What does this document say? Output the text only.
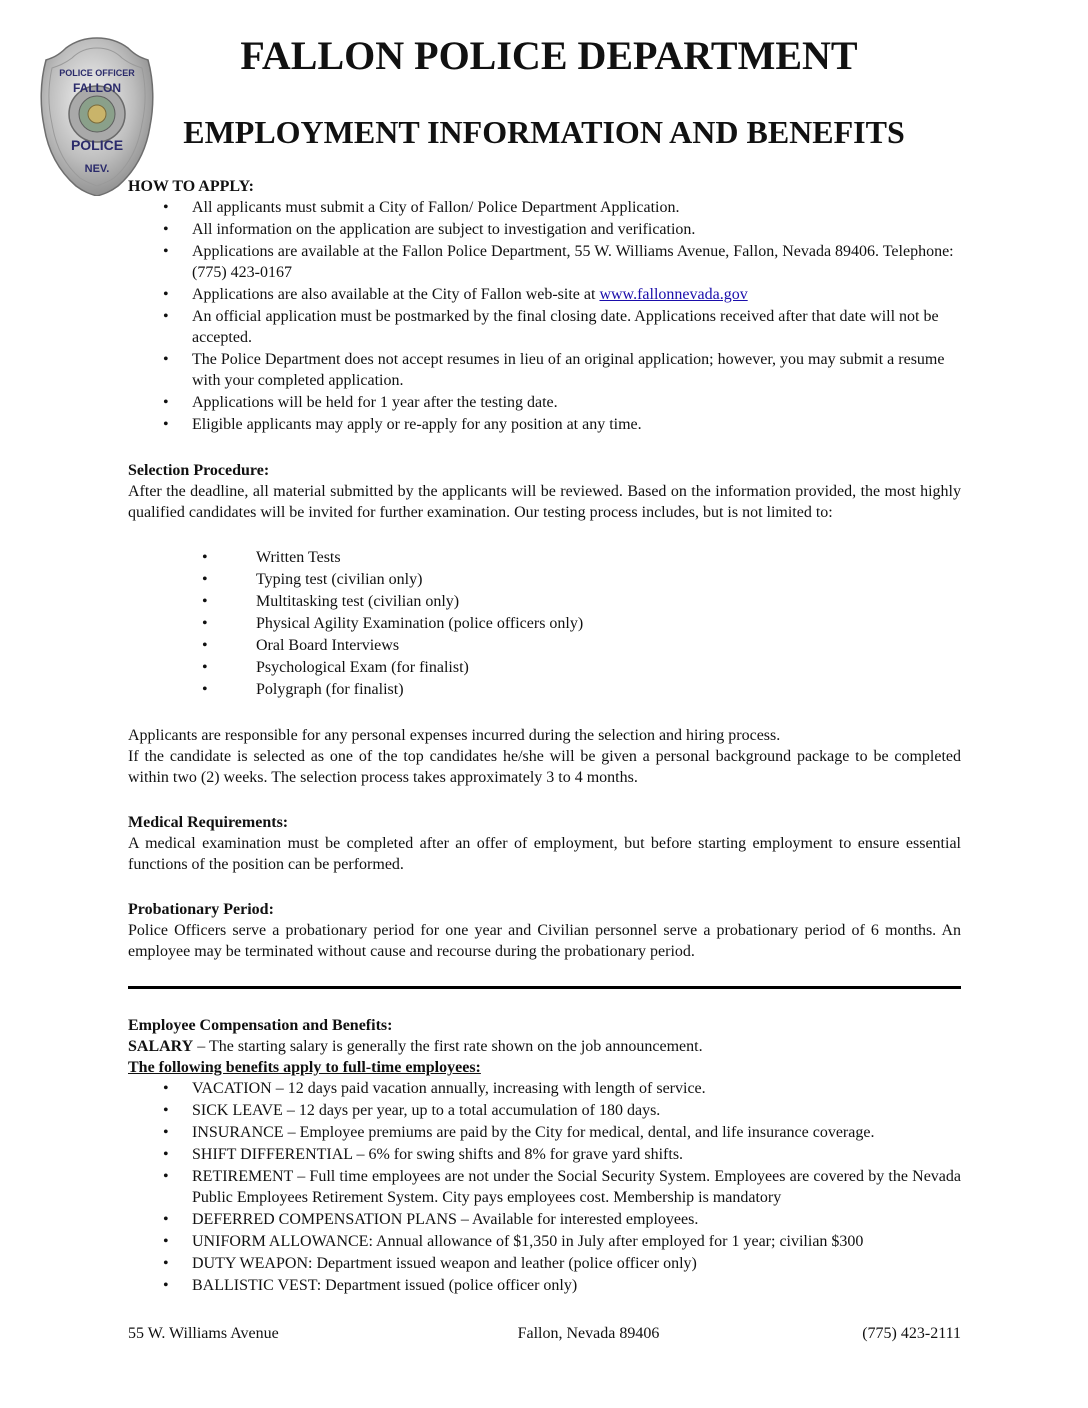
POLICE OFFICER
FALLON
POLICE
NEV.
FALLON POLICE DEPARTMENT
EMPLOYMENT INFORMATION AND BENEFITS

HOW TO APPLY:

• All applicants must submit a City of Fallon/ Police Department Application.
• All information on the application are subject to investigation and verification.
• Applications are available at the Fallon Police Department, 55 W. Williams Avenue, Fallon, Nevada 89406. Telephone: (775) 423-0167
• Applications are also available at the City of Fallon web-site at www.fallonnevada.gov
• An official application must be postmarked by the final closing date. Applications received after that date will not be accepted.
• The Police Department does not accept resumes in lieu of an original application; however, you may submit a resume with your completed application.
• Applications will be held for 1 year after the testing date.
• Eligible applicants may apply or re-apply for any position at any time.

Selection Procedure:

After the deadline, all material submitted by the applicants will be reviewed. Based on the information provided, the most highly qualified candidates will be invited for further examination. Our testing process includes, but is not limited to:

• Written Tests
• Typing test (civilian only)
• Multitasking test (civilian only)
• Physical Agility Examination (police officers only)
• Oral Board Interviews
• Psychological Exam (for finalist)
• Polygraph (for finalist)

Applicants are responsible for any personal expenses incurred during the selection and hiring process.

If the candidate is selected as one of the top candidates he/she will be given a personal background package to be completed within two (2) weeks. The selection process takes approximately 3 to 4 months.

Medical Requirements:

A medical examination must be completed after an offer of employment, but before starting employment to ensure essential functions of the position can be performed.

Probationary Period:

Police Officers serve a probationary period for one year and Civilian personnel serve a probationary period of 6 months. An employee may be terminated without cause and recourse during the probationary period.

Employee Compensation and Benefits:

SALARY – The starting salary is generally the first rate shown on the job announcement.

The following benefits apply to full-time employees:

• VACATION – 12 days paid vacation annually, increasing with length of service.
• SICK LEAVE – 12 days per year, up to a total accumulation of 180 days.
• INSURANCE – Employee premiums are paid by the City for medical, dental, and life insurance coverage.
• SHIFT DIFFERENTIAL – 6% for swing shifts and 8% for grave yard shifts.
• RETIREMENT – Full time employees are not under the Social Security System. Employees are covered by the Nevada Public Employees Retirement System. City pays employees cost. Membership is mandatory
• DEFERRED COMPENSATION PLANS – Available for interested employees.
• UNIFORM ALLOWANCE: Annual allowance of $1,350 in July after employed for 1 year; civilian $300
• DUTY WEAPON: Department issued weapon and leather (police officer only)
• BALLISTIC VEST: Department issued (police officer only)
55 W. Williams Avenue	Fallon, Nevada 89406	(775) 423-2111
